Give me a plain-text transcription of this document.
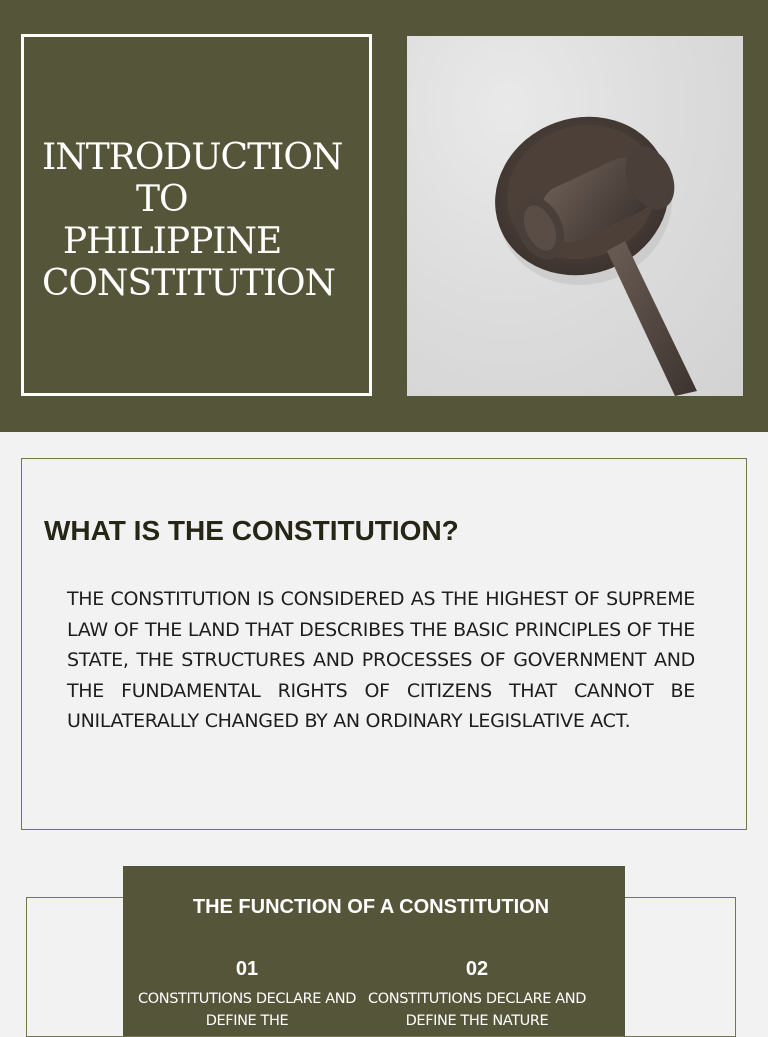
INTRODUCTION
TO
PHILIPPINE
CONSTITUTION
WHAT IS THE CONSTITUTION?
THE CONSTITUTION IS CONSIDERED AS THE HIGHEST OF SUPREME LAW OF THE LAND THAT DESCRIBES THE BASIC PRINCIPLES OF THE STATE, THE STRUCTURES AND PROCESSES OF GOVERNMENT AND THE FUNDAMENTAL RIGHTS OF CITIZENS THAT CANNOT BE UNILATERALLY CHANGED BY AN ORDINARY LEGISLATIVE ACT.
THE FUNCTION OF A CONSTITUTION
01
CONSTITUTIONS DECLARE AND DEFINE THE
02
CONSTITUTIONS DECLARE AND DEFINE THE NATURE
